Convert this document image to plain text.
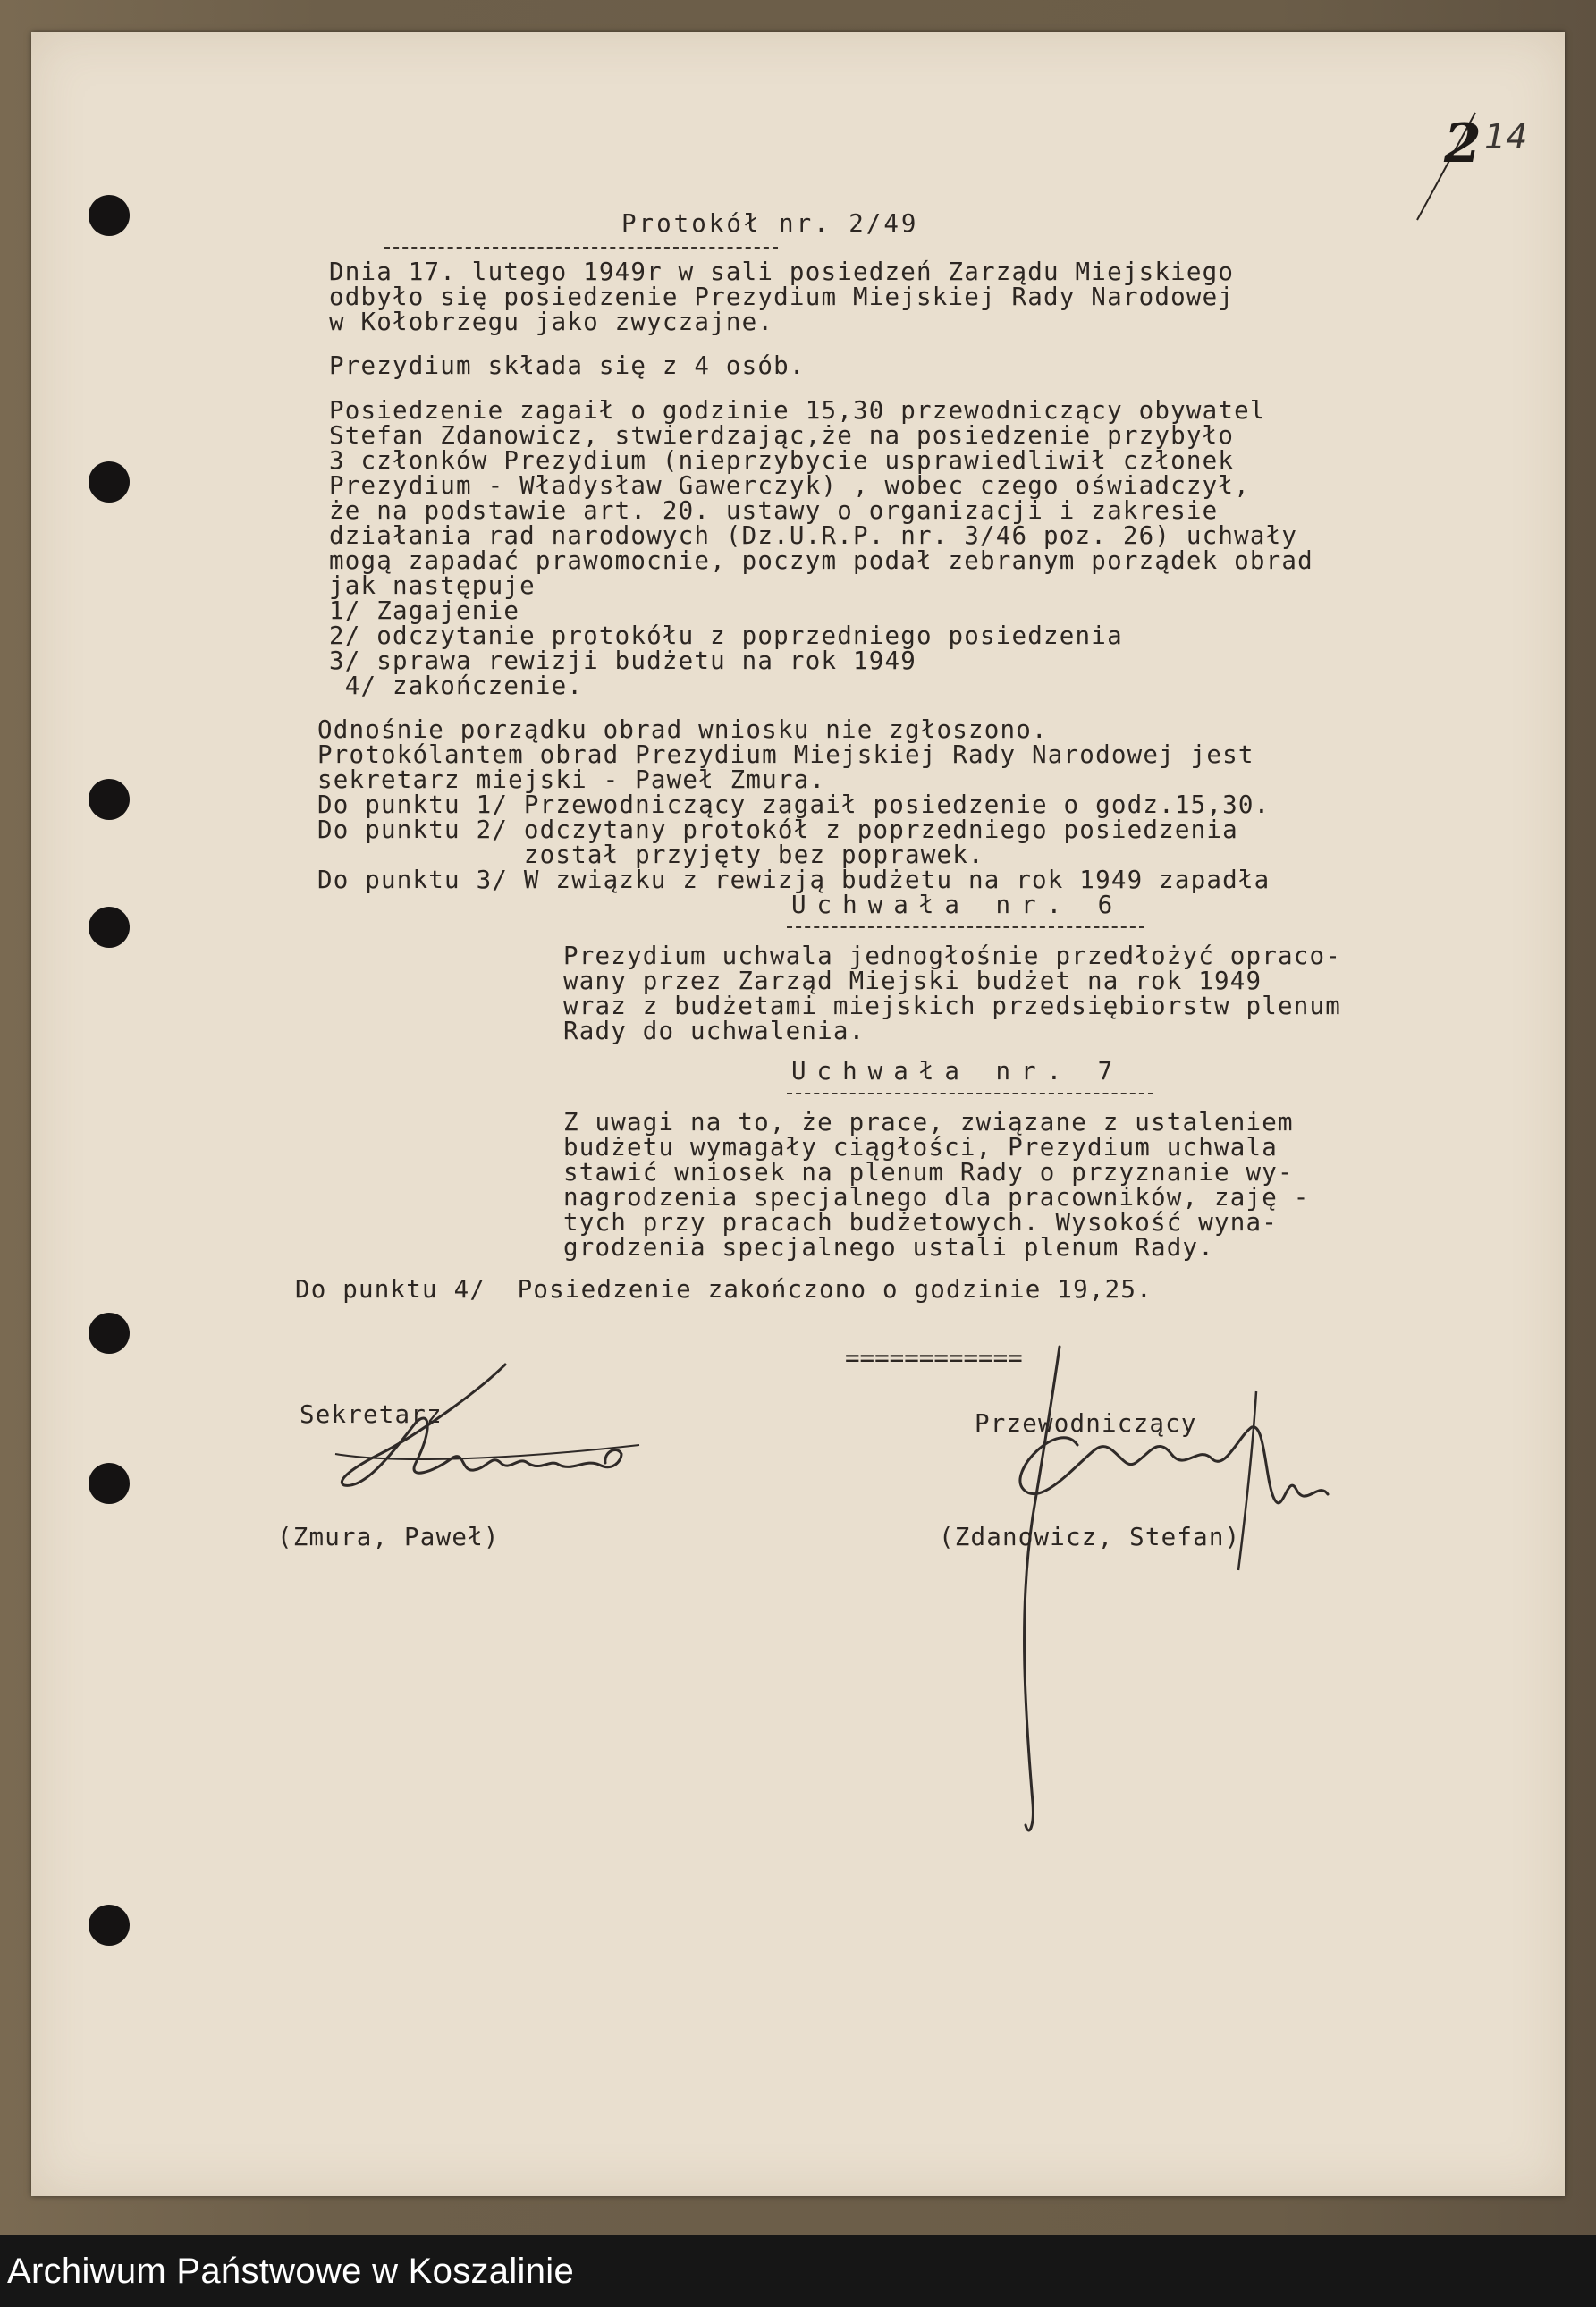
2 14
Protokół nr. 2/49
Dnia 17. lutego 1949r w sali posiedzeń Zarządu Miejskiego
odbyło się posiedzenie Prezydium Miejskiej Rady Narodowej
w Kołobrzegu jako zwyczajne.
Prezydium składa się z 4 osób.
Posiedzenie zagaił o godzinie 15,30 przewodniczący obywatel
Stefan Zdanowicz, stwierdzając,że na posiedzenie przybyło
3 członków Prezydium (nieprzybycie usprawiedliwił członek
Prezydium - Władysław Gawerczyk) , wobec czego oświadczył,
że na podstawie art. 20. ustawy o organizacji i zakresie
działania rad narodowych (Dz.U.R.P. nr. 3/46 poz. 26) uchwały
mogą zapadać prawomocnie, poczym podał zebranym porządek obrad
jak następuje
1/ Zagajenie
2/ odczytanie protokółu z poprzedniego posiedzenia
3/ sprawa rewizji budżetu na rok 1949
4/ zakończenie.
Odnośnie porządku obrad wniosku nie zgłoszono.
Protokólantem obrad Prezydium Miejskiej Rady Narodowej jest
sekretarz miejski - Paweł Zmura.
Do punktu 1/ Przewodniczący zagaił posiedzenie o godz.15,30.
Do punktu 2/ odczytany protokół z poprzedniego posiedzenia
został przyjęty bez poprawek.
Do punktu 3/ W związku z rewizją budżetu na rok 1949 zapadła
Uchwała nr. 6
Prezydium uchwala jednogłośnie przedłożyć opraco-
wany przez Zarząd Miejski budżet na rok 1949
wraz z budżetami miejskich przedsiębiorstw plenum
Rady do uchwalenia.
Uchwała nr. 7
Z uwagi na to, że prace, związane z ustaleniem
budżetu wymagały ciągłości, Prezydium uchwala
stawić wniosek na plenum Rady o przyznanie wy-
nagrodzenia specjalnego dla pracowników, zaję -
tych przy pracach budżetowych. Wysokość wyna-
grodzenia specjalnego ustali plenum Rady.
Do punktu 4/  Posiedzenie zakończono o godzinie 19,25.
============
Sekretarz
(Zmura, Paweł)
Przewodniczący
(Zdanowicz, Stefan)
Archiwum Państwowe w Koszalinie
